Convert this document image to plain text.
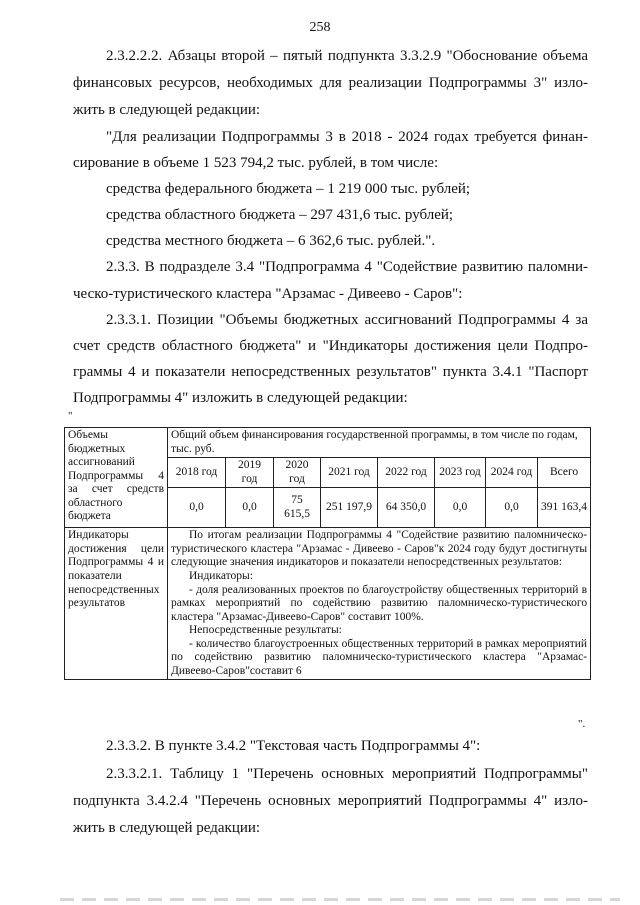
258
2.3.2.2.2. Абзацы второй – пятый подпункта 3.3.2.9 "Обоснование объема
финансовых ресурсов, необходимых для реализации Подпрограммы 3" изло-
жить в следующей редакции:
"Для реализации Подпрограммы 3 в 2018 - 2024 годах требуется финан-
сирование в объеме 1 523 794,2 тыс. рублей, в том числе:
средства федерального бюджета – 1 219 000 тыс. рублей;
средства областного бюджета – 297 431,6 тыс. рублей;
средства местного бюджета – 6 362,6 тыс. рублей.".
2.3.3. В подразделе 3.4 "Подпрограмма 4 "Содействие развитию паломни-
ческо-туристического кластера "Арзамас - Дивеево - Саров":
2.3.3.1. Позиции "Объемы бюджетных ассигнований Подпрограммы 4 за
счет средств областного бюджета" и "Индикаторы достижения цели Подпро-
граммы 4 и показатели непосредственных результатов" пункта 3.4.1 "Паспорт
Подпрограммы 4" изложить в следующей редакции:
"
Объемы бюджетных ассигнований Подпрограммы 4 за счет средств областного бюджета	Общий объем финансирования государственной программы, в том числе по годам, тыс. руб.							
	2018 год	2019 год	2020 год	2021 год	2022 год	2023 год	2024 год	Всего
	0,0	0,0	75 615,5	251 197,9	64 350,0	0,0	0,0	391 163,4
Индикаторы достижения цели Подпрограммы 4 и показатели непосредственных результатов	По итогам реализации Подпрограммы 4 "Содействие развитию паломническо-туристического кластера "Арзамас - Дивеево - Саров"к 2024 году будут достигнуты следующие значения индикаторов и показатели непосредственных результатов:

Индикаторы:

- доля реализованных проектов по благоустройству общественных территорий в рамках мероприятий по содействию развитию паломническо-туристического кластера "Арзамас-Дивеево-Саров" составит 100%.

Непосредственные результаты:

- количество благоустроенных общественных территорий в рамках мероприятий по содействию развитию паломническо-туристического кластера "Арзамас-Дивеево-Саров"составит 6							

".
2.3.3.2. В пункте 3.4.2 "Текстовая часть Подпрограммы 4":
2.3.3.2.1. Таблицу 1 "Перечень основных мероприятий Подпрограммы"
подпункта 3.4.2.4 "Перечень основных мероприятий Подпрограммы 4" изло-
жить в следующей редакции:
